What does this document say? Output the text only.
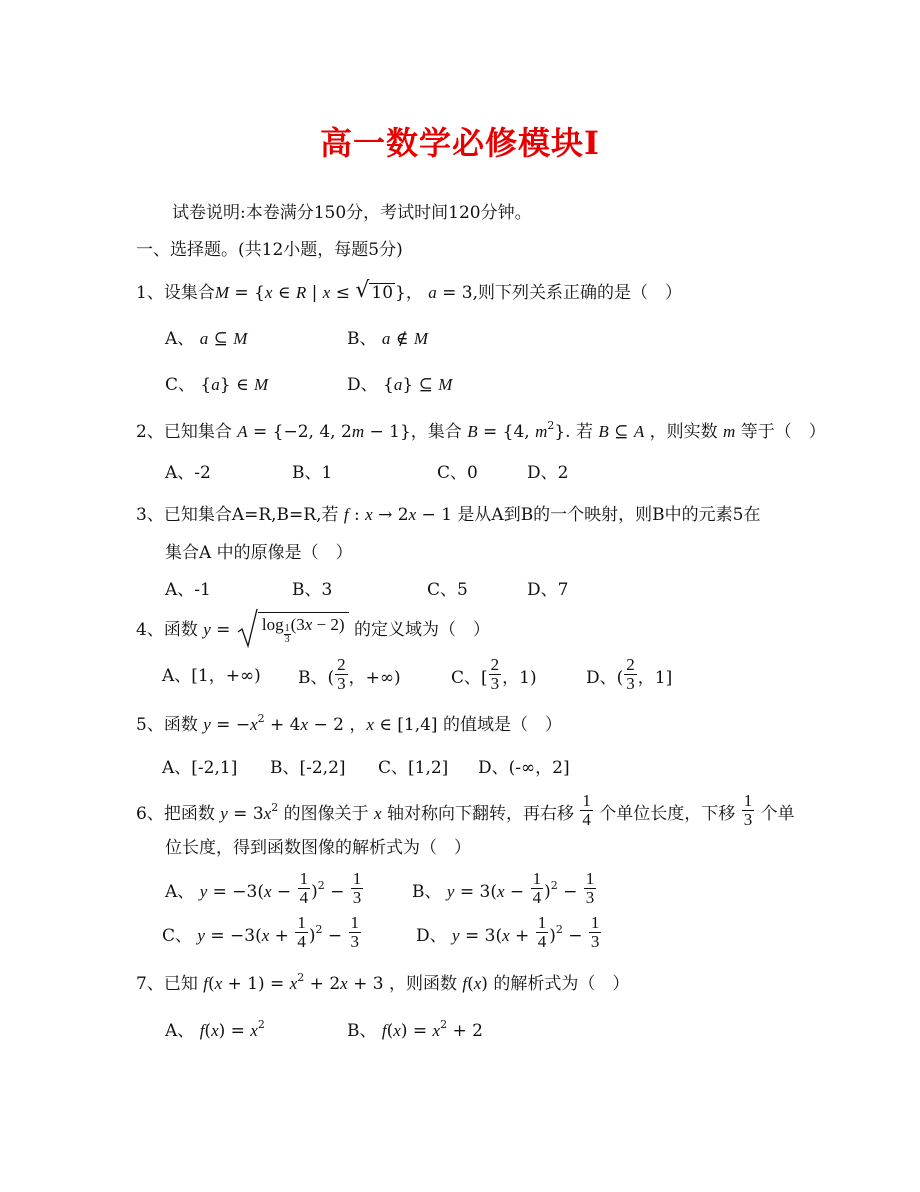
高一数学必修模块Ⅰ
试卷说明:本卷满分150分，考试时间120分钟。
一、选择题。(共12小题，每题5分)
1、设集合M = {x ∈ R | x ≤ √ 10 }， a = 3,则下列关系正确的是（　）
A、 a ⊆ M	B、 a ∉ M
C、 {a} ∈ M	D、 {a} ⊆ M
2、已知集合 A = {−2, 4, 2m − 1}，集合 B = {4, $m^2$}. 若 B ⊆ A ，则实数 m 等于（　）
A、-2	B、1	C、0	D、2
3、已知集合A=R,B=R,若 f : x → 2x − 1 是从A到B的一个映射，则B中的元素5在
集合A 中的原像是（　）
A、-1	B、3	C、5	D、7
4、函数 y =
$\log \frac{1}{3} (3x - 2)$ 的定义域为（　）
A、[1，+∞) B、( $\frac{2}{3}$ ，+∞)	C、[ $\frac{2}{3}$ ，1)	D、( $\frac{2}{3}$ ，1]
5、函数 $y = -x^2 + 4x - 2$ ，x ∈ [1,4] 的值域是（　）
A、[-2,1] B、[-2,2] C、[1,2] D、(-∞，2]
6、把函数 $y = 3x^2$ 的图像关于 x 轴对称向下翻转，再右移 $\frac{1}{4}$ 个单位长度，下移 $\frac{1}{3}$ 个单
位长度，得到函数图像的解析式为（　）
A、 $y = -3(x - \frac{1}{4} )^2 - \frac{1}{3}$	B、 $y = 3(x - \frac{1}{4} )^2 - \frac{1}{3}$
C、 $y = -3(x + \frac{1}{4} )^2 - \frac{1}{3}$	D、 $y = 3(x + \frac{1}{4} )^2 - \frac{1}{3}$
7、已知 $f(x + 1) = x^2 + 2x + 3$ ，则函数 f(x) 的解析式为（　）
A、 $f(x) = x^2$	B、 $f(x) = x^2 + 2$
